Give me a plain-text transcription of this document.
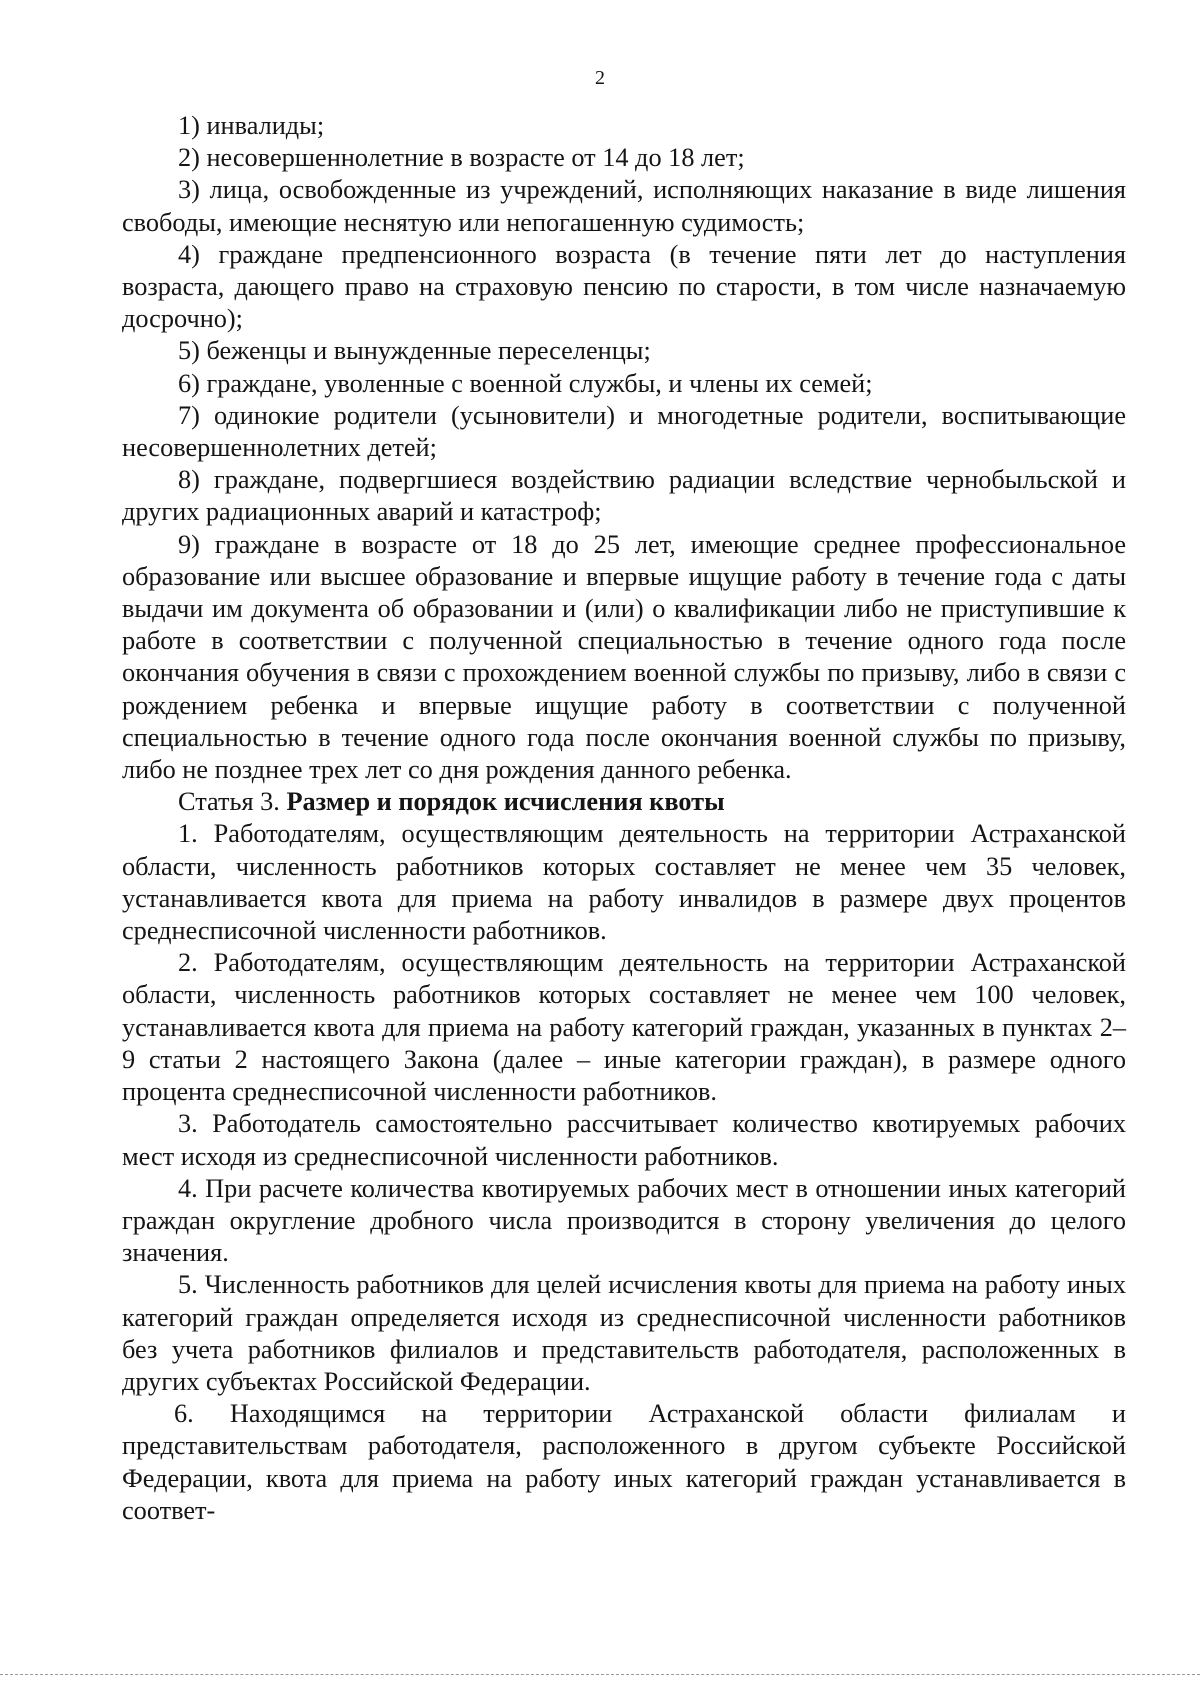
2

1) инвалиды;

2) несовершеннолетние в возрасте от 14 до 18 лет;

3) лица, освобожденные из учреждений, исполняющих наказание в виде лишения свободы, имеющие неснятую или непогашенную судимость;

4) граждане предпенсионного возраста (в течение пяти лет до наступления возраста, дающего право на страховую пенсию по старости, в том числе назначаемую досрочно);

5) беженцы и вынужденные переселенцы;

6) граждане, уволенные с военной службы, и члены их семей;

7) одинокие родители (усыновители) и многодетные родители, воспитывающие несовершеннолетних детей;

8) граждане, подвергшиеся воздействию радиации вследствие чернобыльской и других радиационных аварий и катастроф;

9) граждане в возрасте от 18 до 25 лет, имеющие среднее профессиональное образование или высшее образование и впервые ищущие работу в течение года с даты выдачи им документа об образовании и (или) о квалификации либо не приступившие к работе в соответствии с полученной специальностью в течение одного года после окончания обучения в связи с прохождением военной службы по призыву, либо в связи с рождением ребенка и впервые ищущие работу в соответствии с полученной специальностью в течение одного года после окончания военной службы по призыву, либо не позднее трех лет со дня рождения данного ребенка.

Статья 3. Размер и порядок исчисления квоты

1. Работодателям, осуществляющим деятельность на территории Астраханской области, численность работников которых составляет не менее чем 35 человек, устанавливается квота для приема на работу инвалидов в размере двух процентов среднесписочной численности работников.

2. Работодателям, осуществляющим деятельность на территории Астраханской области, численность работников которых составляет не менее чем 100 человек, устанавливается квота для приема на работу категорий граждан, указанных в пунктах 2–9 статьи 2 настоящего Закона (далее – иные категории граждан), в размере одного процента среднесписочной численности работников.

3. Работодатель самостоятельно рассчитывает количество квотируемых рабочих мест исходя из среднесписочной численности работников.

4. При расчете количества квотируемых рабочих мест в отношении иных категорий граждан округление дробного числа производится в сторону увеличения до целого значения.

5. Численность работников для целей исчисления квоты для приема на работу иных категорий граждан определяется исходя из среднесписочной численности работников без учета работников филиалов и представительств работодателя, расположенных в других субъектах Российской Федерации.

6. Находящимся на территории Астраханской области филиалам и представительствам работодателя, расположенного в другом субъекте Российской Федерации, квота для приема на работу иных категорий граждан устанавливается в соответ-
